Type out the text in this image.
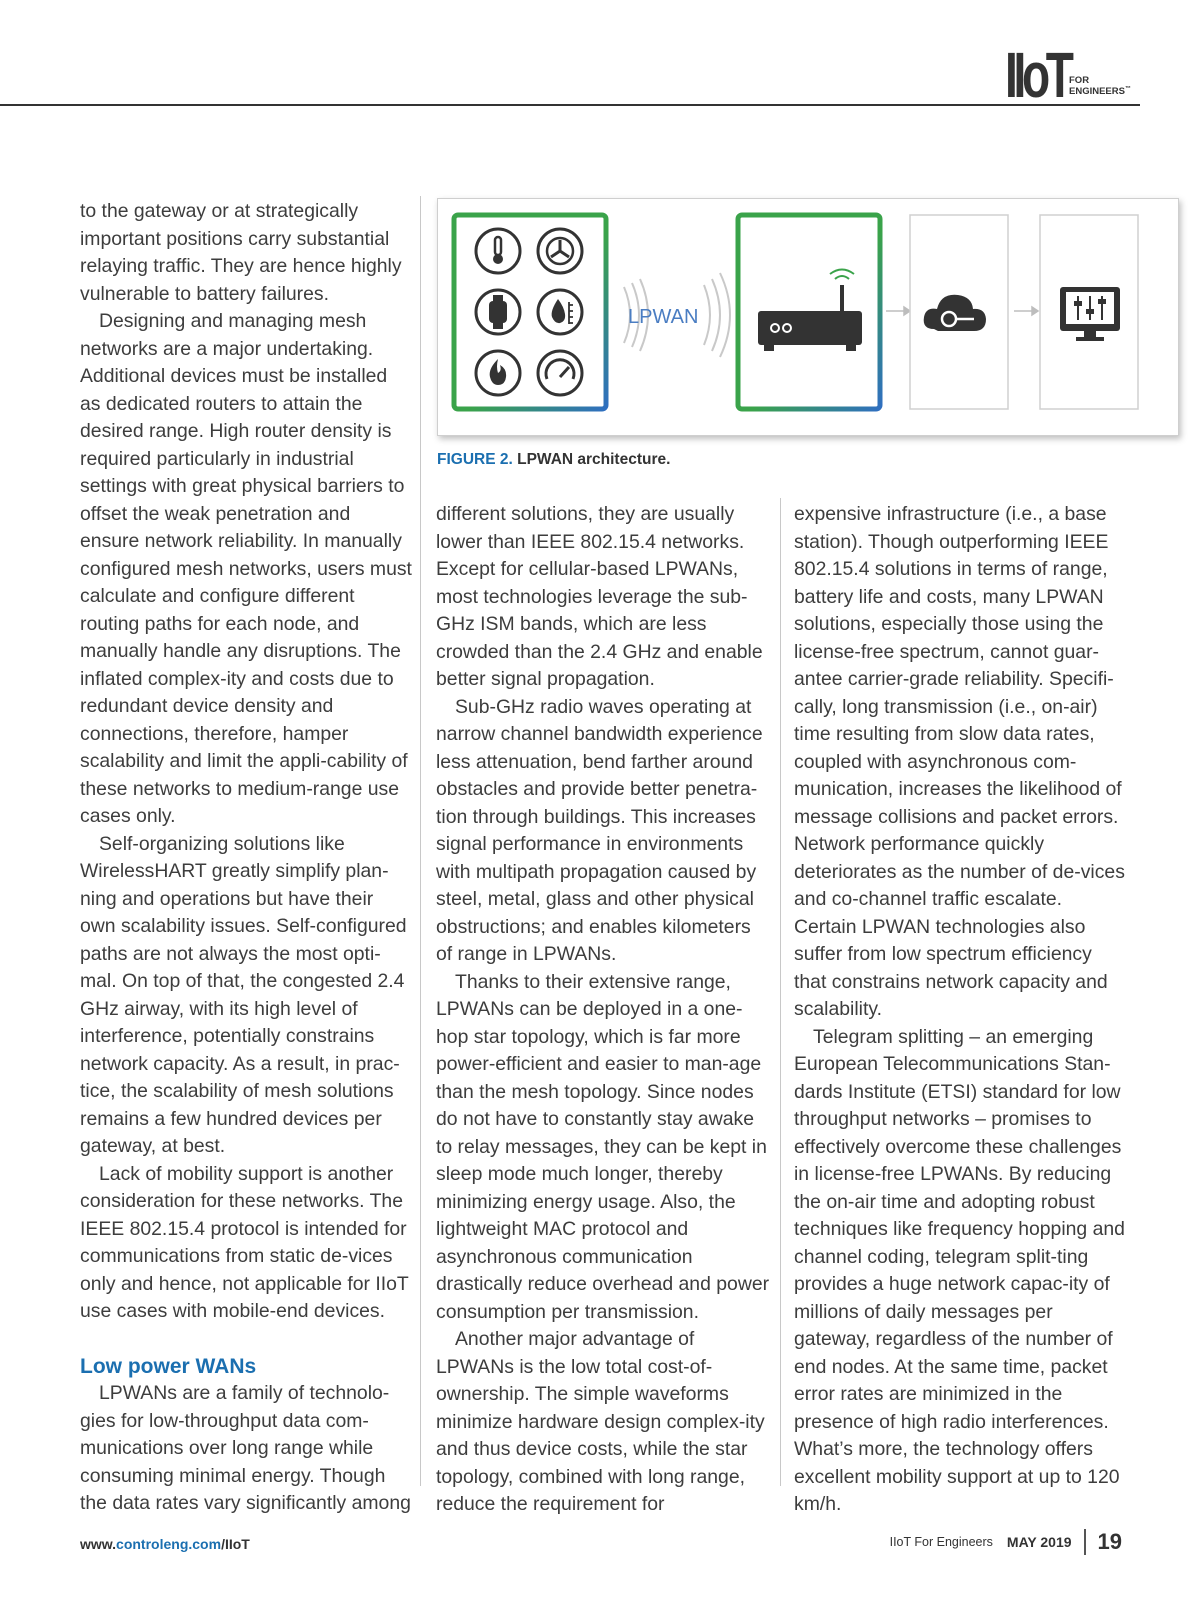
IIoT FOR
ENGINEERS™

to the gateway or at strategically important positions carry substantial relaying traffic. They are hence highly vulnerable to battery failures.

Designing and managing mesh networks are a major undertaking. Additional devices must be installed as dedicated routers to attain the desired range. High router density is required particularly in industrial settings with great physical barriers to offset the weak penetration and ensure network reliability. In manually configured mesh networks, users must calculate and configure different routing paths for each node, and manually handle any disruptions. The inflated complex-ity and costs due to redundant device density and connections, therefore, hamper scalability and limit the appli-cability of these networks to medium-range use cases only.

Self-organizing solutions like WirelessHART greatly simplify plan-ning and operations but have their own scalability issues. Self-configured paths are not always the most opti-mal. On top of that, the congested 2.4 GHz airway, with its high level of interference, potentially constrains network capacity. As a result, in prac-tice, the scalability of mesh solutions remains a few hundred devices per gateway, at best.

Lack of mobility support is another consideration for these networks. The IEEE 802.15.4 protocol is intended for communications from static de-vices only and hence, not applicable for IIoT use cases with mobile-end devices.

Low power WANs

LPWANs are a family of technolo-gies for low-throughput data com-munications over long range while consuming minimal energy. Though the data rates vary significantly among

LPWAN
FIGURE 2. LPWAN architecture.

different solutions, they are usually lower than IEEE 802.15.4 networks. Except for cellular-based LPWANs, most technologies leverage the sub-GHz ISM bands, which are less crowded than the 2.4 GHz and enable better signal propagation.

Sub-GHz radio waves operating at narrow channel bandwidth experience less attenuation, bend farther around obstacles and provide better penetra-tion through buildings. This increases signal performance in environments with multipath propagation caused by steel, metal, glass and other physical obstructions; and enables kilometers of range in LPWANs.

Thanks to their extensive range, LPWANs can be deployed in a one-hop star topology, which is far more power-efficient and easier to man-age than the mesh topology. Since nodes do not have to constantly stay awake to relay messages, they can be kept in sleep mode much longer, thereby minimizing energy usage. Also, the lightweight MAC protocol and asynchronous communication drastically reduce overhead and power consumption per transmission.

Another major advantage of LPWANs is the low total cost-of-ownership. The simple waveforms minimize hardware design complex-ity and thus device costs, while the star topology, combined with long range, reduce the requirement for

expensive infrastructure (i.e., a base station). Though outperforming IEEE 802.15.4 solutions in terms of range, battery life and costs, many LPWAN solutions, especially those using the license-free spectrum, cannot guar-antee carrier-grade reliability. Specifi-cally, long transmission (i.e., on-air) time resulting from slow data rates, coupled with asynchronous com-munication, increases the likelihood of message collisions and packet errors. Network performance quickly deteriorates as the number of de-vices and co-channel traffic escalate. Certain LPWAN technologies also suffer from low spectrum efficiency that constrains network capacity and scalability.

Telegram splitting – an emerging European Telecommunications Stan-dards Institute (ETSI) standard for low throughput networks – promises to effectively overcome these challenges in license-free LPWANs. By reducing the on-air time and adopting robust techniques like frequency hopping and channel coding, telegram split-ting provides a huge network capac-ity of millions of daily messages per gateway, regardless of the number of end nodes. At the same time, packet error rates are minimized in the presence of high radio interferences. What’s more, the technology offers excellent mobility support at up to 120 km/h.

www.controleng.com/IIoT	IIoT For Engineers MAY 2019 19
